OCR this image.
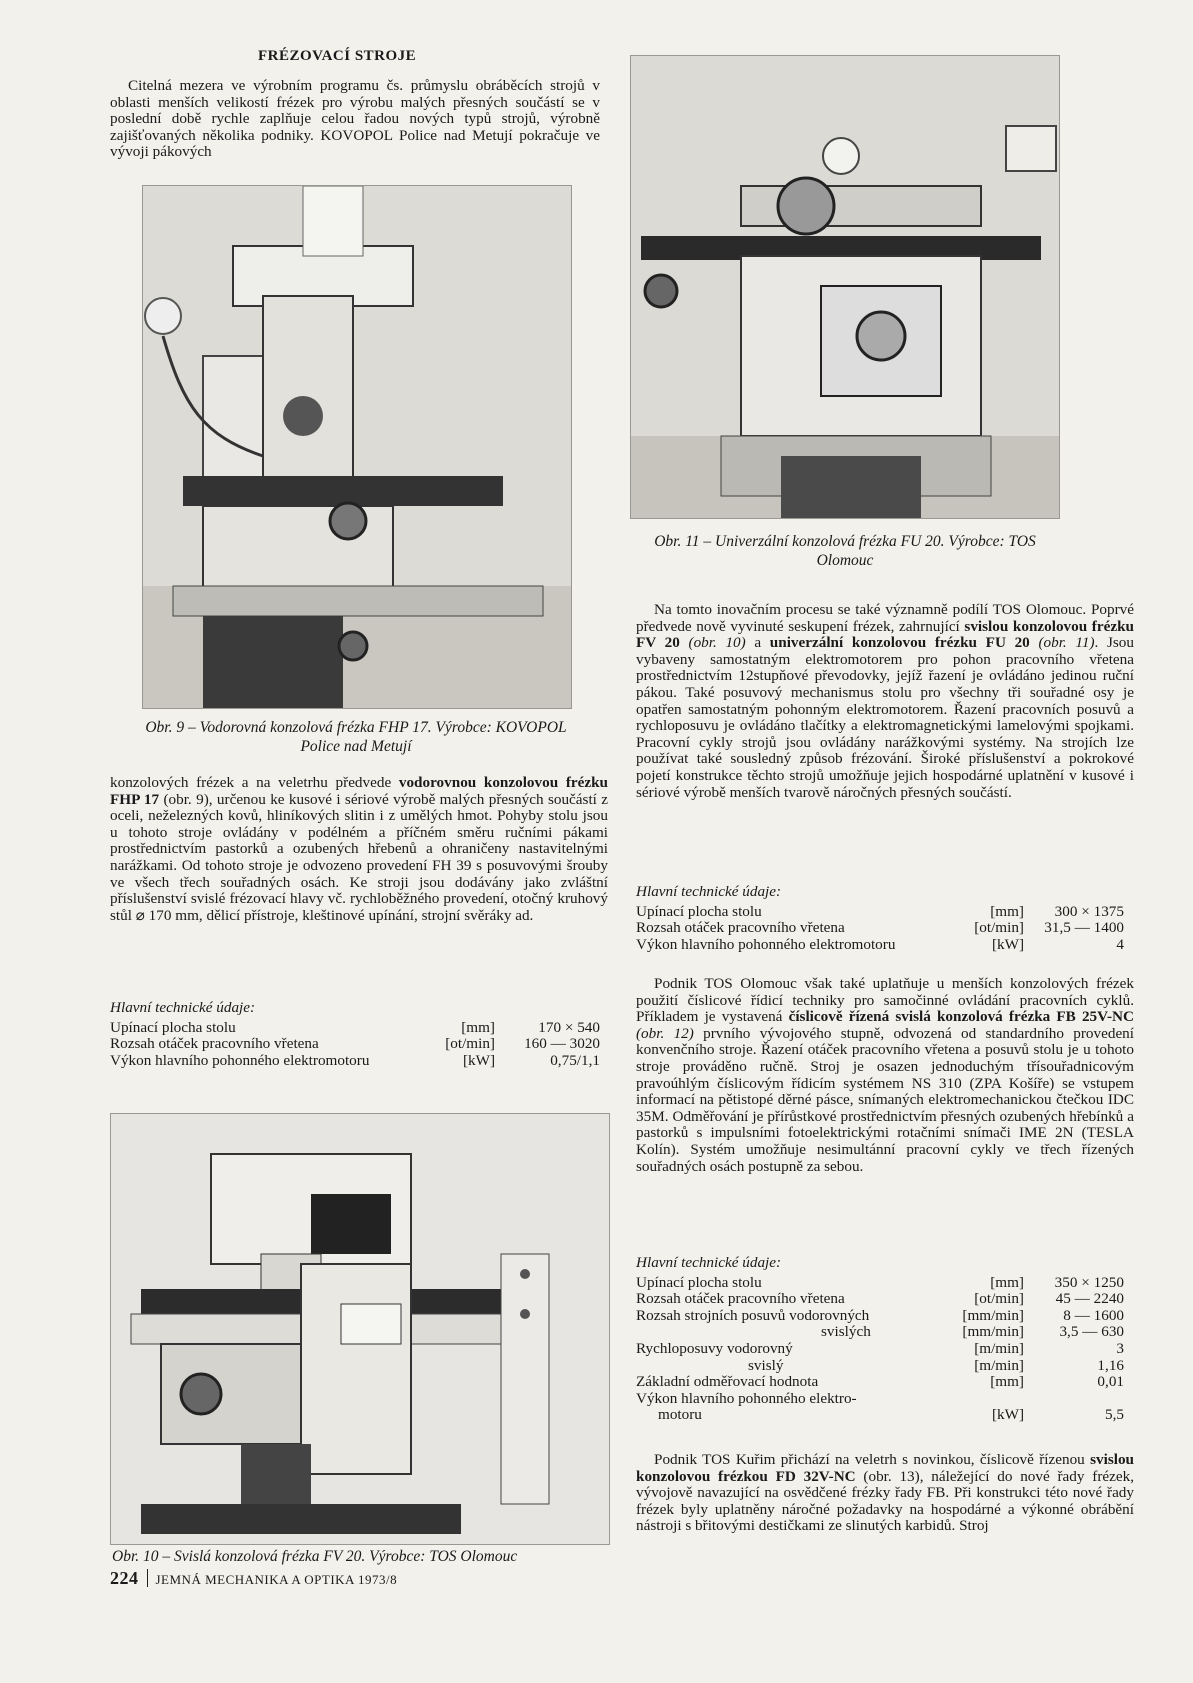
FRÉZOVACÍ STROJE

Citelná mezera ve výrobním programu čs. průmyslu obráběcích strojů v oblasti menších velikostí frézek pro výrobu malých přesných součástí se v poslední době rychle zaplňuje celou řadou nových typů strojů, výrobně zajišťovaných několika podniky. KOVOPOL Police nad Metují pokračuje ve vývoji pákových

Obr. 9 – Vodorovná konzolová frézka FHP 17. Výrobce: KOVOPOL Police nad Metují

konzolových frézek a na veletrhu předvede vodorovnou konzolovou frézku FHP 17 (obr. 9), určenou ke kusové i sériové výrobě malých přesných součástí z oceli, neželezných kovů, hliníkových slitin i z umělých hmot. Pohyby stolu jsou u tohoto stroje ovládány v podélném a příčném směru ručními pákami prostřednictvím pastorků a ozubených hřebenů a ohraničeny nastavitelnými narážkami. Od tohoto stroje je odvozeno provedení FH 39 s posuvovými šrouby ve všech třech souřadných osách. Ke stroji jsou dodávány jako zvláštní příslušenství svislé frézovací hlavy vč. rychloběžného provedení, otočný kruhový stůl ⌀ 170 mm, dělicí přístroje, kleštinové upínání, strojní svěráky ad.

Hlavní technické údaje:
Upínací plocha stolu	[mm]	170 × 540
Rozsah otáček pracovního vřetena	[ot/min] 160 — 3020
Výkon hlavního pohonného elektromotoru	[kW]	0,75/1,1
Obr. 10 – Svislá konzolová frézka FV 20. Výrobce: TOS Olomouc
Obr. 11 – Univerzální konzolová frézka FU 20. Výrobce: TOS Olomouc

Na tomto inovačním procesu se také významně podílí TOS Olomouc. Poprvé předvede nově vyvinuté seskupení frézek, zahrnující svislou konzolovou frézku FV 20 (obr. 10) a univerzální konzolovou frézku FU 20 (obr. 11). Jsou vybaveny samostatným elektromotorem pro pohon pracovního vřetena prostřednictvím 12stupňové převodovky, jejíž řazení je ovládáno jedinou ruční pákou. Také posuvový mechanismus stolu pro všechny tři souřadné osy je opatřen samostatným pohonným elektromotorem. Řazení pracovních posuvů a rychloposuvu je ovládáno tlačítky a elektromagnetickými lamelovými spojkami. Pracovní cykly strojů jsou ovládány narážkovými systémy. Na strojích lze používat také sousledný způsob frézování. Široké příslušenství a pokrokové pojetí konstrukce těchto strojů umožňuje jejich hospodárné uplatnění v kusové i sériové výrobě menších tvarově náročných přesných součástí.

Hlavní technické údaje:
Upínací plocha stolu	[mm] 300 × 1375
Rozsah otáček pracovního vřetena	[ot/min] 31,5 — 1400
Výkon hlavního pohonného elektromotoru	[kW]	4

Podnik TOS Olomouc však také uplatňuje u menších konzolových frézek použití číslicové řídicí techniky pro samočinné ovládání pracovních cyklů. Příkladem je vystavená číslicově řízená svislá konzolová frézka FB 25V-NC (obr. 12) prvního vývojového stupně, odvozená od standardního provedení konvenčního stroje. Řazení otáček pracovního vřetena a posuvů stolu je u tohoto stroje prováděno ručně. Stroj je osazen jednoduchým třísouřadnicovým pravoúhlým číslicovým řídicím systémem NS 310 (ZPA Košíře) se vstupem informací na pětistopé děrné pásce, snímaných elektromechanickou čtečkou IDC 35M. Odměřování je přírůstkové prostřednictvím přesných ozubených hřebínků a pastorků s impulsními fotoelektrickými rotačními snímači IME 2N (TESLA Kolín). Systém umožňuje nesimultánní pracovní cykly ve třech řízených souřadných osách postupně za sebou.

Hlavní technické údaje:
Upínací plocha stolu	[mm] 350 × 1250
Rozsah otáček pracovního vřetena	[ot/min] 45 — 2240
Rozsah strojních posuvů vodorovných	[mm/min]	8 — 1600
svislých	[mm/min] 3,5 — 630
Rychloposuvy vodorovný	[m/min]	3
svislý	[m/min]	1,16
Základní odměřovací hodnota	[mm]	0,01
Výkon hlavního pohonného elektro-
motoru	[kW]	5,5

Podnik TOS Kuřim přichází na veletrh s novinkou, číslicově řízenou svislou konzolovou frézkou FD 32V-NC (obr. 13), náležející do nové řady frézek, vývojově navazující na osvědčené frézky řady FB. Při konstrukci této nové řady frézek byly uplatněny náročné požadavky na hospodárné a výkonné obrábění nástroji s břitovými destičkami ze slinutých karbidů. Stroj

224 JEMNÁ MECHANIKA A OPTIKA 1973/8
